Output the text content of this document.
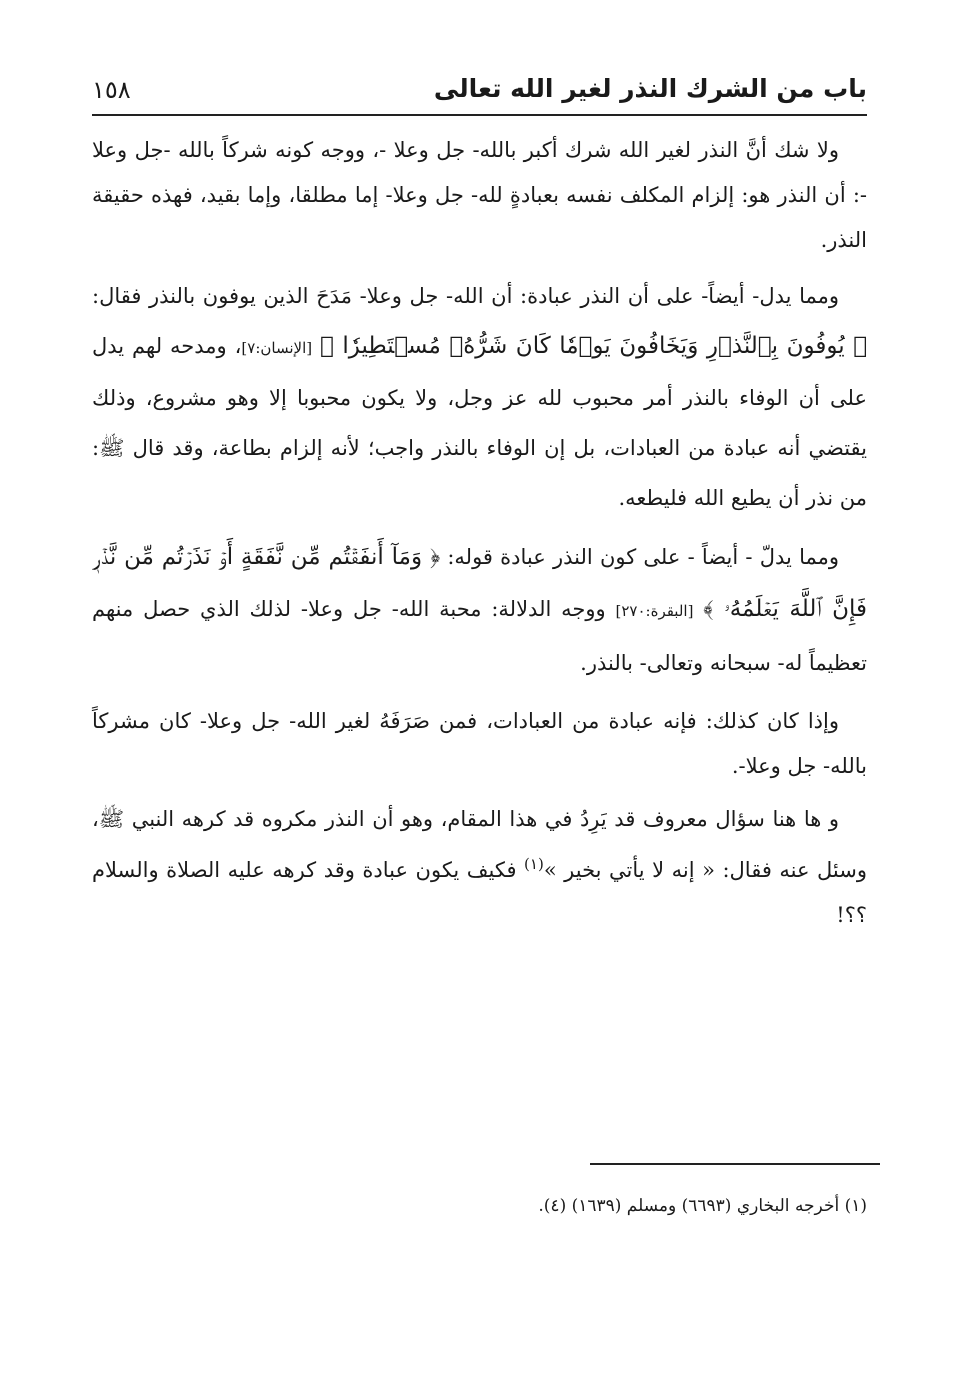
باب من الشرك النذر لغير الله تعالى
١٥٨

ولا شك أنَّ النذر لغير الله شرك أكبر بالله- جل وعلا -، ووجه كونه شركاً بالله -جل وعلا -: أن النذر هو: إلزام المكلف نفسه بعبادةٍ لله- جل وعلا- إما مطلقا، وإما بقيد، فهذه حقيقة النذر.

ومما يدل- أيضاً- على أن النذر عبادة: أن الله- جل وعلا- مَدَحَ الذين يوفون بالنذر فقال: ﴿ يُوفُونَ بِٱلنَّذۡرِ وَيَخَافُونَ يَوۡمٗا كَانَ شَرُّهُۥ مُسۡتَطِيرٗا ﴾ [الإنسان:٧]، ومدحه لهم يدل على أن الوفاء بالنذر أمر محبوب لله عز وجل، ولا يكون محبوبا إلا وهو مشروع، وذلك يقتضي أنه عبادة من العبادات، بل إن الوفاء بالنذر واجب؛ لأنه إلزام بطاعة، وقد قال ﷺ: من نذر أن يطيع الله فليطعه.

ومما يدلّ - أيضاً - على كون النذر عبادة قوله: ﴿ وَمَآ أَنفَقۡتُم مِّن نَّفَقَةٍ أَوۡ نَذَرۡتُم مِّن نَّذۡرٖ فَإِنَّ ٱللَّهَ يَعۡلَمُهُۥ ﴾ [البقرة:٢٧٠] ووجه الدلالة: محبة الله- جل وعلا- لذلك الذي حصل منهم تعظيماً له- سبحانه وتعالى- بالنذر.

وإذا كان كذلك: فإنه عبادة من العبادات، فمن صَرَفَهُ لغير الله- جل وعلا- كان مشركاً بالله- جل وعلا-.

و ها هنا سؤال معروف قد يَرِدُ في هذا المقام، وهو أن النذر مكروه قد كرهه النبي ﷺ، وسئل عنه فقال: « إنه لا يأتي بخير »$^{(١)}$ فكيف يكون عبادة وقد كرهه عليه الصلاة والسلام ؟؟!

(١) أخرجه البخاري (٦٦٩٣) ومسلم (١٦٣٩) (٤).
